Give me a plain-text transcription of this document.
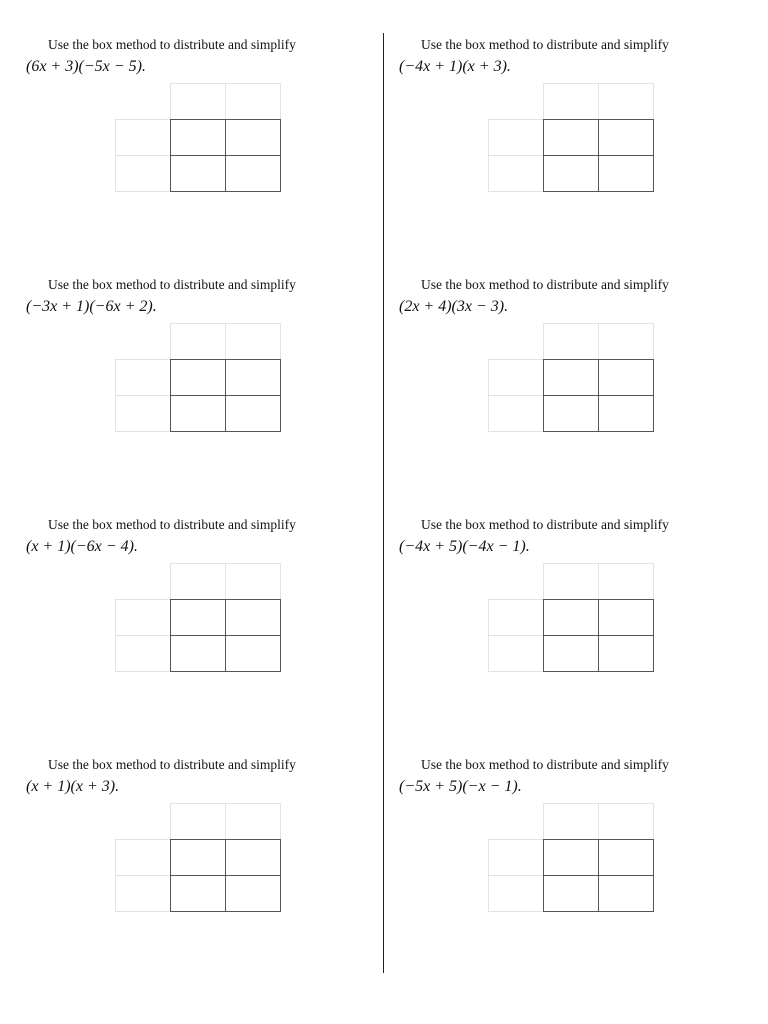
Use the box method to distribute and simplify
(6x + 3)(−5x − 5).
Use the box method to distribute and simplify
(−4x + 1)(x + 3).
Use the box method to distribute and simplify
(−3x + 1)(−6x + 2).
Use the box method to distribute and simplify
(2x + 4)(3x − 3).
Use the box method to distribute and simplify
(x + 1)(−6x − 4).
Use the box method to distribute and simplify
(−4x + 5)(−4x − 1).
Use the box method to distribute and simplify
(x + 1)(x + 3).
Use the box method to distribute and simplify
(−5x + 5)(−x − 1).
